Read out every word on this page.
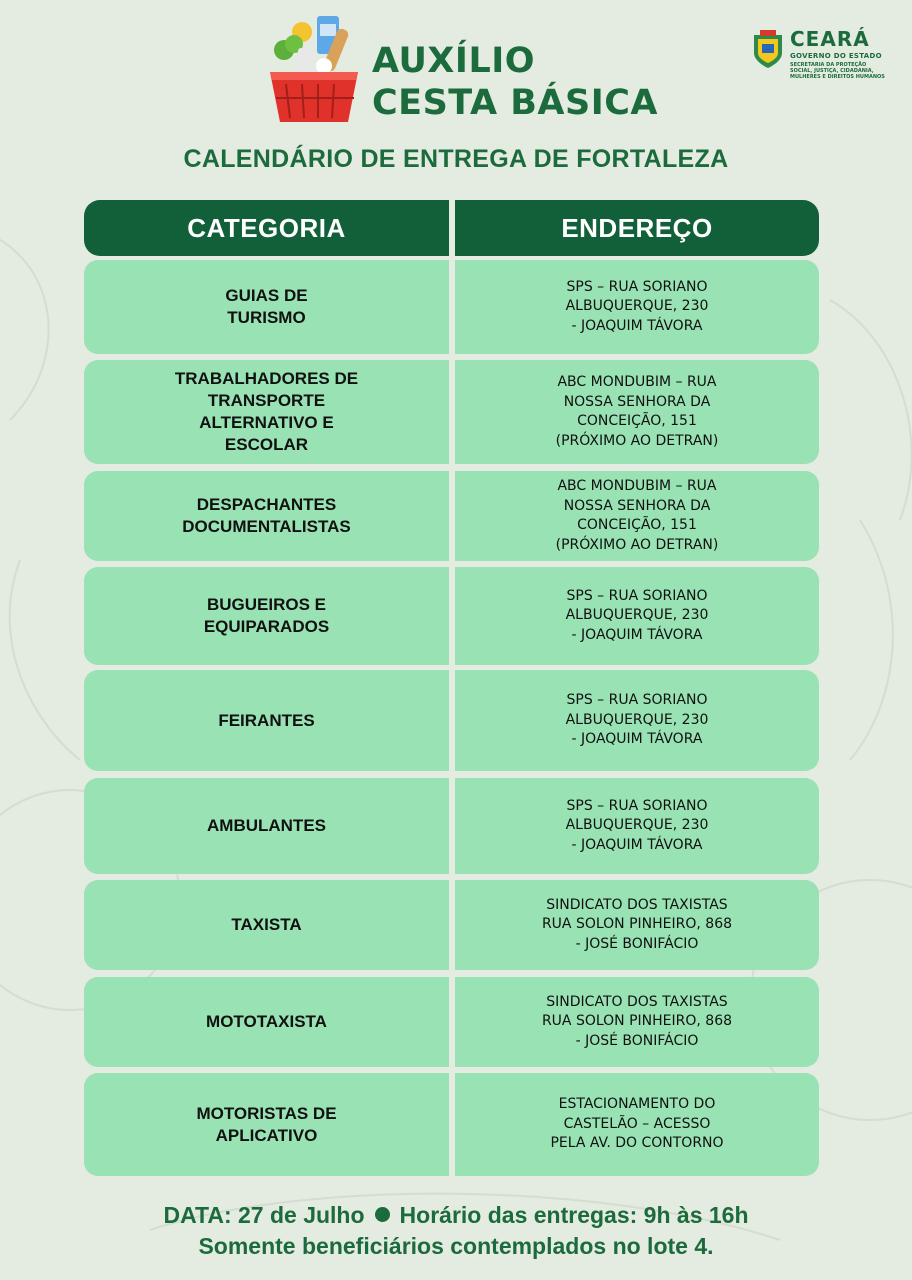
AUXÍLIO
CESTA BÁSICA
CEARÁ
GOVERNO DO ESTADO
SECRETARIA DA PROTEÇÃO SOCIAL, JUSTIÇA, CIDADANIA, MULHERES E DIREITOS HUMANOS
CALENDÁRIO DE ENTREGA DE FORTALEZA
CATEGORIA	ENDEREÇO
GUIAS DE
TURISMO
SPS – RUA SORIANO
ALBUQUERQUE, 230
- JOAQUIM TÁVORA
TRABALHADORES DE
TRANSPORTE
ALTERNATIVO E
ESCOLAR
ABC MONDUBIM – RUA
NOSSA SENHORA DA
CONCEIÇÃO, 151
(PRÓXIMO AO DETRAN)
DESPACHANTES
DOCUMENTALISTAS
ABC MONDUBIM – RUA
NOSSA SENHORA DA
CONCEIÇÃO, 151
(PRÓXIMO AO DETRAN)
BUGUEIROS E
EQUIPARADOS
SPS – RUA SORIANO
ALBUQUERQUE, 230
- JOAQUIM TÁVORA
FEIRANTES
SPS – RUA SORIANO
ALBUQUERQUE, 230
- JOAQUIM TÁVORA
AMBULANTES
SPS – RUA SORIANO
ALBUQUERQUE, 230
- JOAQUIM TÁVORA
TAXISTA
SINDICATO DOS TAXISTAS
RUA SOLON PINHEIRO, 868
- JOSÉ BONIFÁCIO
MOTOTAXISTA
SINDICATO DOS TAXISTAS
RUA SOLON PINHEIRO, 868
- JOSÉ BONIFÁCIO
MOTORISTAS DE
APLICATIVO
ESTACIONAMENTO DO
CASTELÃO – ACESSO
PELA AV. DO CONTORNO
DATA: 27 de Julho Horário das entregas: 9h às 16h
Somente beneficiários contemplados no lote 4.
